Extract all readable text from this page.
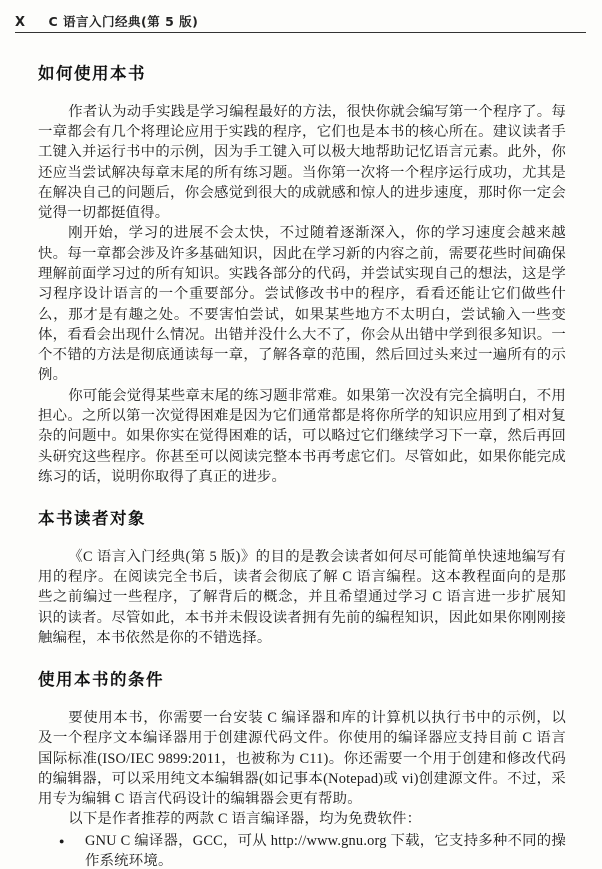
X C 语言入门经典(第 5 版)
如何使用本书

作者认为动手实践是学习编程最好的方法，很快你就会编写第一个程序了。每一章都会有几个将理论应用于实践的程序，它们也是本书的核心所在。建议读者手工键入并运行书中的示例，因为手工键入可以极大地帮助记忆语言元素。此外，你还应当尝试解决每章末尾的所有练习题。当你第一次将一个程序运行成功，尤其是在解决自己的问题后，你会感觉到很大的成就感和惊人的进步速度，那时你一定会觉得一切都挺值得。

刚开始，学习的进展不会太快，不过随着逐渐深入，你的学习速度会越来越快。每一章都会涉及许多基础知识，因此在学习新的内容之前，需要花些时间确保理解前面学习过的所有知识。实践各部分的代码，并尝试实现自己的想法，这是学习程序设计语言的一个重要部分。尝试修改书中的程序，看看还能让它们做些什么，那才是有趣之处。不要害怕尝试，如果某些地方不太明白，尝试输入一些变体，看看会出现什么情况。出错并没什么大不了，你会从出错中学到很多知识。一个不错的方法是彻底通读每一章，了解各章的范围，然后回过头来过一遍所有的示例。

你可能会觉得某些章末尾的练习题非常难。如果第一次没有完全搞明白，不用担心。之所以第一次觉得困难是因为它们通常都是将你所学的知识应用到了相对复杂的问题中。如果你实在觉得困难的话，可以略过它们继续学习下一章，然后再回头研究这些程序。你甚至可以阅读完整本书再考虑它们。尽管如此，如果你能完成练习的话，说明你取得了真正的进步。

本书读者对象

《C 语言入门经典(第 5 版)》的目的是教会读者如何尽可能简单快速地编写有用的程序。在阅读完全书后，读者会彻底了解 C 语言编程。这本教程面向的是那些之前编过一些程序，了解背后的概念，并且希望通过学习 C 语言进一步扩展知识的读者。尽管如此，本书并未假设读者拥有先前的编程知识，因此如果你刚刚接触编程，本书依然是你的不错选择。

使用本书的条件

要使用本书，你需要一台安装 C 编译器和库的计算机以执行书中的示例，以及一个程序文本编译器用于创建源代码文件。你使用的编译器应支持目前 C 语言国际标准(ISO/IEC 9899:2011，也被称为 C11)。你还需要一个用于创建和修改代码的编辑器，可以采用纯文本编辑器(如记事本(Notepad)或 vi)创建源文件。不过，采用专为编辑 C 语言代码设计的编辑器会更有帮助。

以下是作者推荐的两款 C 语言编译器，均为免费软件：

●	GNU C 编译器，GCC，可从 http://www.gnu.org 下载，它支持多种不同的操作系统环境。
